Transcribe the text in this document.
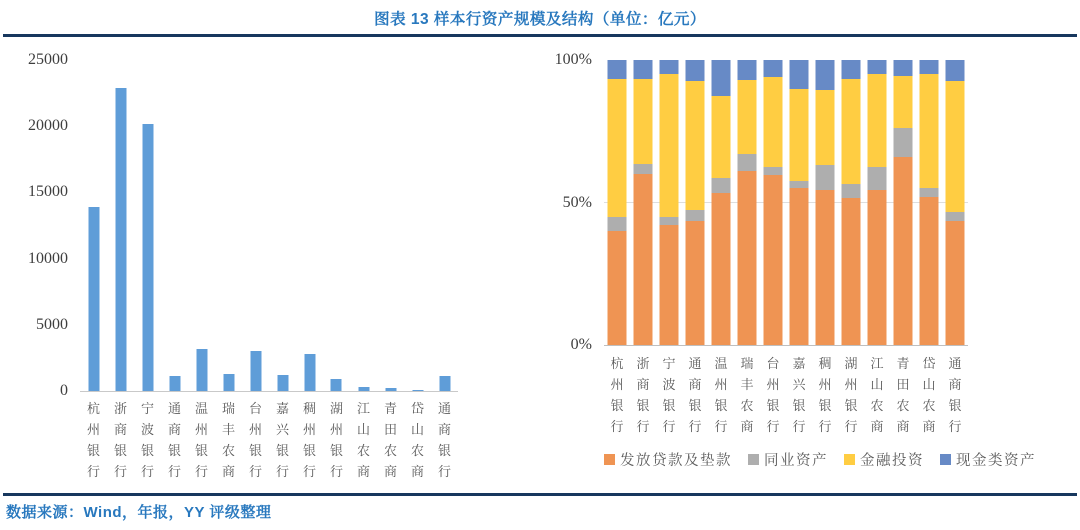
图表 13 样本行资产规模及结构（单位：亿元）
0
5000
10000
15000
20000
25000
杭
州
银
行
浙
商
银
行
宁
波
银
行
通
商
银
行
温
州
银
行
瑞
丰
农
商
台
州
银
行
嘉
兴
银
行
稠
州
银
行
湖
州
银
行
江
山
农
商
青
田
农
商
岱
山
农
商
通
商
银
行
0%
50%
100%
杭
州
银
行
浙
商
银
行
宁
波
银
行
通
商
银
行
温
州
银
行
瑞
丰
农
商
台
州
银
行
嘉
兴
银
行
稠
州
银
行
湖
州
银
行
江
山
农
商
青
田
农
商
岱
山
农
商
通
商
银
行
发放贷款及垫款 同业资产 金融投资 现金类资产
数据来源：Wind，年报，YY 评级整理
